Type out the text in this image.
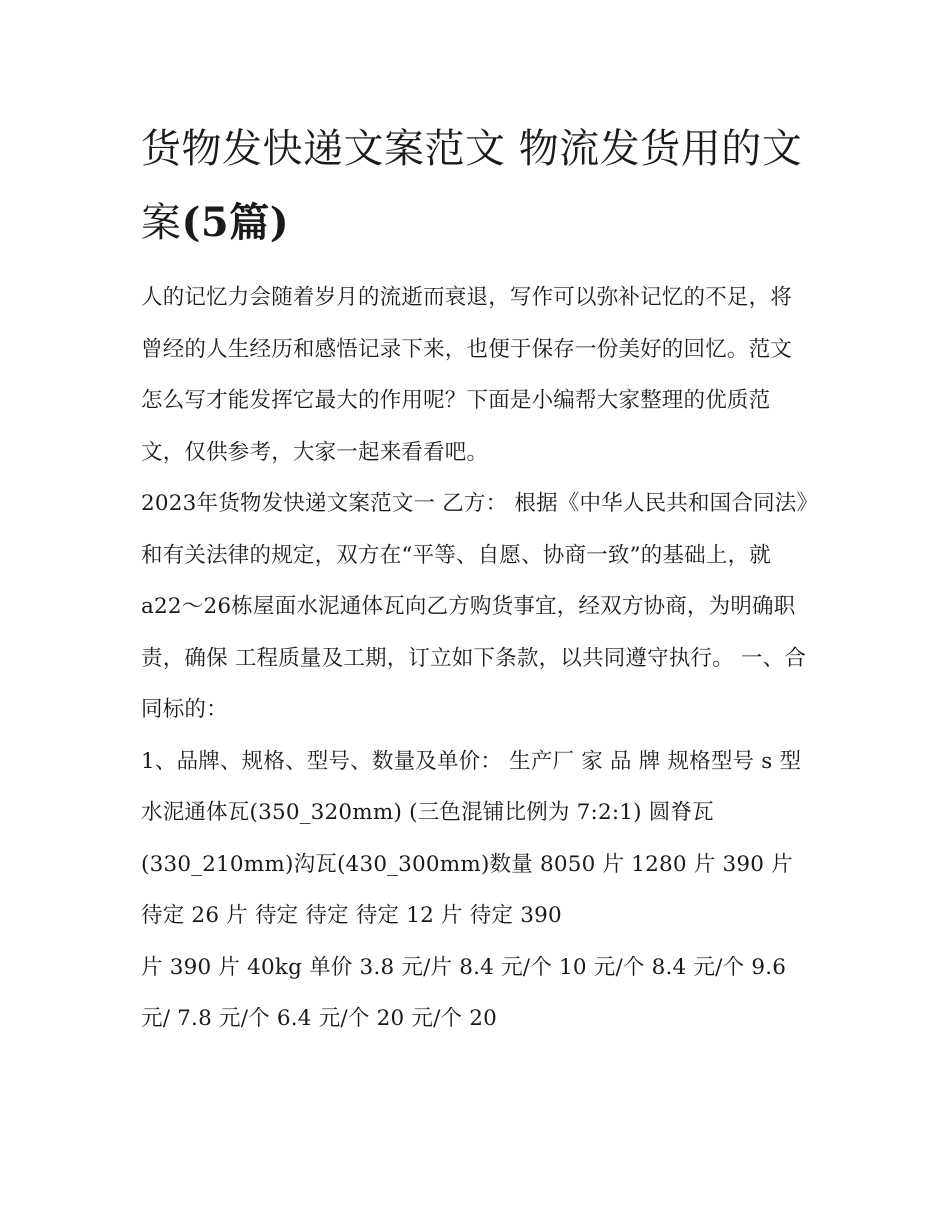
货物发快递文案范文 物流发货用的文案(5篇)

人的记忆力会随着岁月的流逝而衰退，写作可以弥补记忆的不足，将曾经的人生经历和感悟记录下来，也便于保存一份美好的回忆。范文怎么写才能发挥它最大的作用呢？下面是小编帮大家整理的优质范文，仅供参考，大家一起来看看吧。

2023年货物发快递文案范文一 乙方： 根据《中华人民共和国合同法》和有关法律的规定，双方在“平等、自愿、协商一致”的基础上，就

a22～26栋屋面水泥通体瓦向乙方购货事宜，经双方协商，为明确职责，确保 工程质量及工期，订立如下条款，以共同遵守执行。 一、合同标的：

1、品牌、规格、型号、数量及单价： 生产厂 家 品 牌 规格型号 s 型水泥通体瓦(350_320mm) (三色混铺比例为 7:2:1) 圆脊瓦(330_210mm)沟瓦(430_300mm)数量 8050 片 1280 片 390 片 待定 26 片 待定 待定 待定 12 片 待定 390

片 390 片 40kg 单价 3.8 元/片 8.4 元/个 10 元/个 8.4 元/个 9.6 元/ 7.8 元/个 6.4 元/个 20 元/个 20
